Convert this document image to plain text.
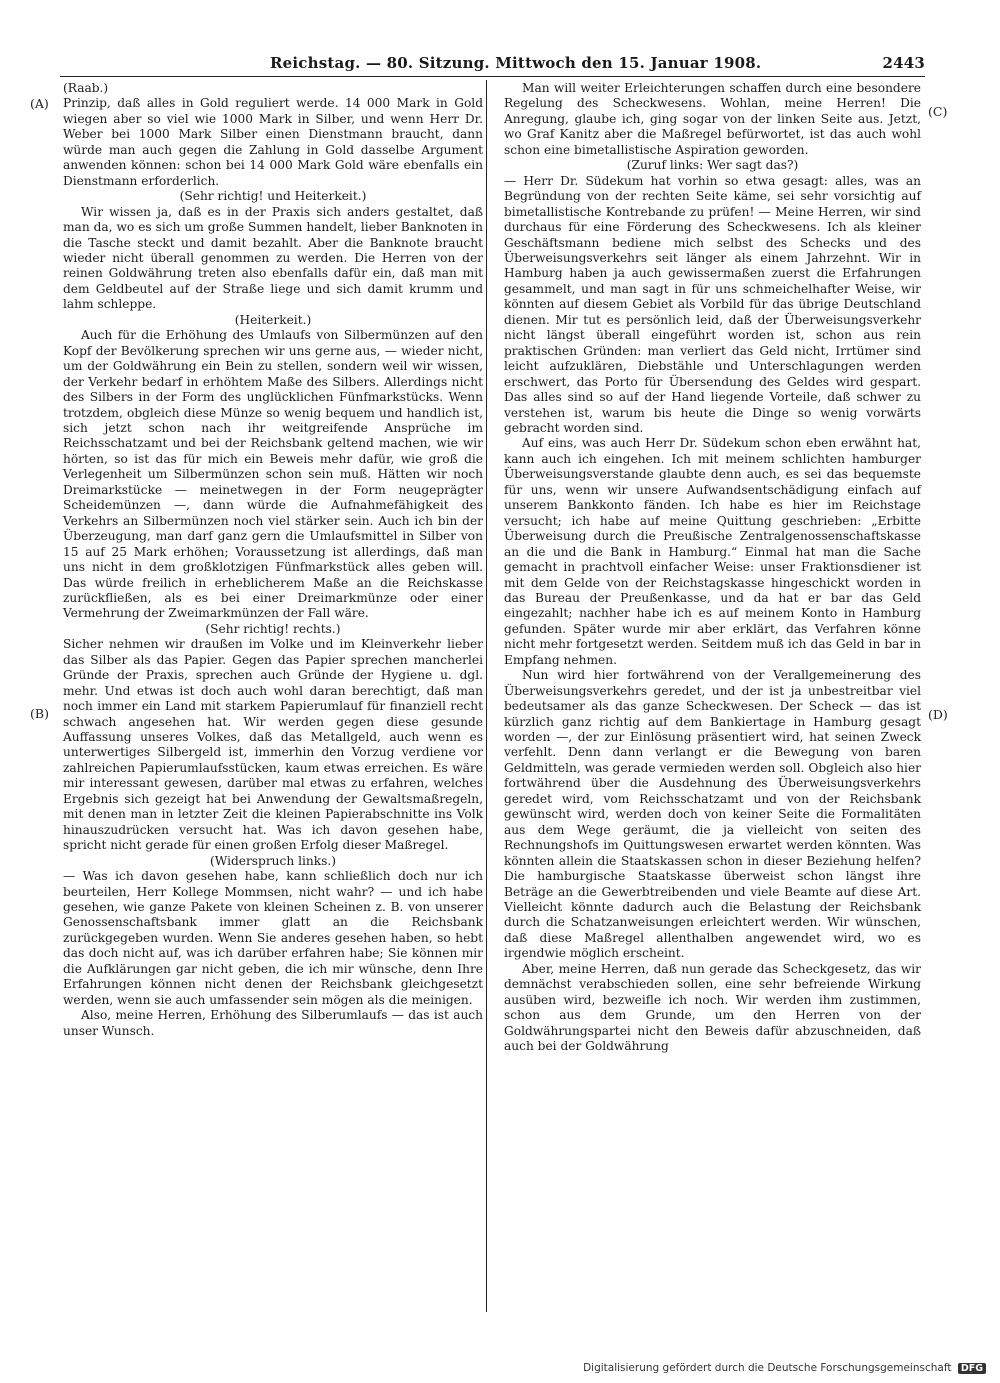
Reichstag. — 80. Sitzung. Mittwoch den 15. Januar 1908.	2443
(A)
(B)
(C)
(D)

(Raab.)

Prinzip, daß alles in Gold reguliert werde. 14 000 Mark in Gold wiegen aber so viel wie 1000 Mark in Silber, und wenn Herr Dr. Weber bei 1000 Mark Silber einen Dienstmann braucht, dann würde man auch gegen die Zahlung in Gold dasselbe Argument anwenden können: schon bei 14 000 Mark Gold wäre ebenfalls ein Dienstmann erforderlich.

(Sehr richtig! und Heiterkeit.)

Wir wissen ja, daß es in der Praxis sich anders gestaltet, daß man da, wo es sich um große Summen handelt, lieber Banknoten in die Tasche steckt und damit bezahlt. Aber die Banknote braucht wieder nicht überall genommen zu werden. Die Herren von der reinen Goldwährung treten also ebenfalls dafür ein, daß man mit dem Geldbeutel auf der Straße liege und sich damit krumm und lahm schleppe.

(Heiterkeit.)

Auch für die Erhöhung des Umlaufs von Silbermünzen auf den Kopf der Bevölkerung sprechen wir uns gerne aus, — wieder nicht, um der Goldwährung ein Bein zu stellen, sondern weil wir wissen, der Verkehr bedarf in erhöhtem Maße des Silbers. Allerdings nicht des Silbers in der Form des unglücklichen Fünfmarkstücks. Wenn trotzdem, obgleich diese Münze so wenig bequem und handlich ist, sich jetzt schon nach ihr weitgreifende Ansprüche im Reichsschatzamt und bei der Reichsbank geltend machen, wie wir hörten, so ist das für mich ein Beweis mehr dafür, wie groß die Verlegenheit um Silbermünzen schon sein muß. Hätten wir noch Dreimarkstücke — meinetwegen in der Form neugeprägter Scheidemünzen —, dann würde die Aufnahmefähigkeit des Verkehrs an Silbermünzen noch viel stärker sein. Auch ich bin der Überzeugung, man darf ganz gern die Umlaufsmittel in Silber von 15 auf 25 Mark erhöhen; Voraussetzung ist allerdings, daß man uns nicht in dem großklotzigen Fünfmarkstück alles geben will. Das würde freilich in erheblicherem Maße an die Reichskasse zurückfließen, als es bei einer Dreimarkmünze oder einer Vermehrung der Zweimarkmünzen der Fall wäre.

(Sehr richtig! rechts.)

Sicher nehmen wir draußen im Volke und im Kleinverkehr lieber das Silber als das Papier. Gegen das Papier sprechen mancherlei Gründe der Praxis, sprechen auch Gründe der Hygiene u. dgl. mehr. Und etwas ist doch auch wohl daran berechtigt, daß man noch immer ein Land mit starkem Papierumlauf für finanziell recht schwach angesehen hat. Wir werden gegen diese gesunde Auffassung unseres Volkes, daß das Metallgeld, auch wenn es unterwertiges Silbergeld ist, immerhin den Vorzug verdiene vor zahlreichen Papierumlaufsstücken, kaum etwas erreichen. Es wäre mir interessant gewesen, darüber mal etwas zu erfahren, welches Ergebnis sich gezeigt hat bei Anwendung der Gewaltsmaßregeln, mit denen man in letzter Zeit die kleinen Papierabschnitte ins Volk hinauszudrücken versucht hat. Was ich davon gesehen habe, spricht nicht gerade für einen großen Erfolg dieser Maßregel.

(Widerspruch links.)

— Was ich davon gesehen habe, kann schließlich doch nur ich beurteilen, Herr Kollege Mommsen, nicht wahr? — und ich habe gesehen, wie ganze Pakete von kleinen Scheinen z. B. von unserer Genossenschaftsbank immer glatt an die Reichsbank zurückgegeben wurden. Wenn Sie anderes gesehen haben, so hebt das doch nicht auf, was ich darüber erfahren habe; Sie können mir die Aufklärungen gar nicht geben, die ich mir wünsche, denn Ihre Erfahrungen können nicht denen der Reichsbank gleichgesetzt werden, wenn sie auch umfassender sein mögen als die meinigen.

Also, meine Herren, Erhöhung des Silberumlaufs — das ist auch unser Wunsch.

Man will weiter Erleichterungen schaffen durch eine besondere Regelung des Scheckwesens. Wohlan, meine Herren! Die Anregung, glaube ich, ging sogar von der linken Seite aus. Jetzt, wo Graf Kanitz aber die Maßregel befürwortet, ist das auch wohl schon eine bimetallistische Aspiration geworden.

(Zuruf links: Wer sagt das?)

— Herr Dr. Südekum hat vorhin so etwa gesagt: alles, was an Begründung von der rechten Seite käme, sei sehr vorsichtig auf bimetallistische Kontrebande zu prüfen! — Meine Herren, wir sind durchaus für eine Förderung des Scheckwesens. Ich als kleiner Geschäftsmann bediene mich selbst des Schecks und des Überweisungsverkehrs seit länger als einem Jahrzehnt. Wir in Hamburg haben ja auch gewissermaßen zuerst die Erfahrungen gesammelt, und man sagt in für uns schmeichelhafter Weise, wir könnten auf diesem Gebiet als Vorbild für das übrige Deutschland dienen. Mir tut es persönlich leid, daß der Überweisungsverkehr nicht längst überall eingeführt worden ist, schon aus rein praktischen Gründen: man verliert das Geld nicht, Irrtümer sind leicht aufzuklären, Diebstähle und Unterschlagungen werden erschwert, das Porto für Übersendung des Geldes wird gespart. Das alles sind so auf der Hand liegende Vorteile, daß schwer zu verstehen ist, warum bis heute die Dinge so wenig vorwärts gebracht worden sind.

Auf eins, was auch Herr Dr. Südekum schon eben erwähnt hat, kann auch ich eingehen. Ich mit meinem schlichten hamburger Überweisungsverstande glaubte denn auch, es sei das bequemste für uns, wenn wir unsere Aufwandsentschädigung einfach auf unserem Bankkonto fänden. Ich habe es hier im Reichstage versucht; ich habe auf meine Quittung geschrieben: „Erbitte Überweisung durch die Preußische Zentralgenossenschaftskasse an die und die Bank in Hamburg.“ Einmal hat man die Sache gemacht in prachtvoll einfacher Weise: unser Fraktionsdiener ist mit dem Gelde von der Reichstagskasse hingeschickt worden in das Bureau der Preußenkasse, und da hat er bar das Geld eingezahlt; nachher habe ich es auf meinem Konto in Hamburg gefunden. Später wurde mir aber erklärt, das Verfahren könne nicht mehr fortgesetzt werden. Seitdem muß ich das Geld in bar in Empfang nehmen.

Nun wird hier fortwährend von der Verallgemeinerung des Überweisungsverkehrs geredet, und der ist ja unbestreitbar viel bedeutsamer als das ganze Scheckwesen. Der Scheck — das ist kürzlich ganz richtig auf dem Bankiertage in Hamburg gesagt worden —, der zur Einlösung präsentiert wird, hat seinen Zweck verfehlt. Denn dann verlangt er die Bewegung von baren Geldmitteln, was gerade vermieden werden soll. Obgleich also hier fortwährend über die Ausdehnung des Überweisungsverkehrs geredet wird, vom Reichsschatzamt und von der Reichsbank gewünscht wird, werden doch von keiner Seite die Formalitäten aus dem Wege geräumt, die ja vielleicht von seiten des Rechnungshofs im Quittungswesen erwartet werden könnten. Was könnten allein die Staatskassen schon in dieser Beziehung helfen? Die hamburgische Staatskasse überweist schon längst ihre Beträge an die Gewerbtreibenden und viele Beamte auf diese Art. Vielleicht könnte dadurch auch die Belastung der Reichsbank durch die Schatzanweisungen erleichtert werden. Wir wünschen, daß diese Maßregel allenthalben angewendet wird, wo es irgendwie möglich erscheint.

Aber, meine Herren, daß nun gerade das Scheckgesetz, das wir demnächst verabschieden sollen, eine sehr befreiende Wirkung ausüben wird, bezweifle ich noch. Wir werden ihm zustimmen, schon aus dem Grunde, um den Herren von der Goldwährungspartei nicht den Beweis dafür abzuschneiden, daß auch bei der Goldwährung

Digitalisierung gefördert durch die Deutsche Forschungsgemeinschaft DFG
